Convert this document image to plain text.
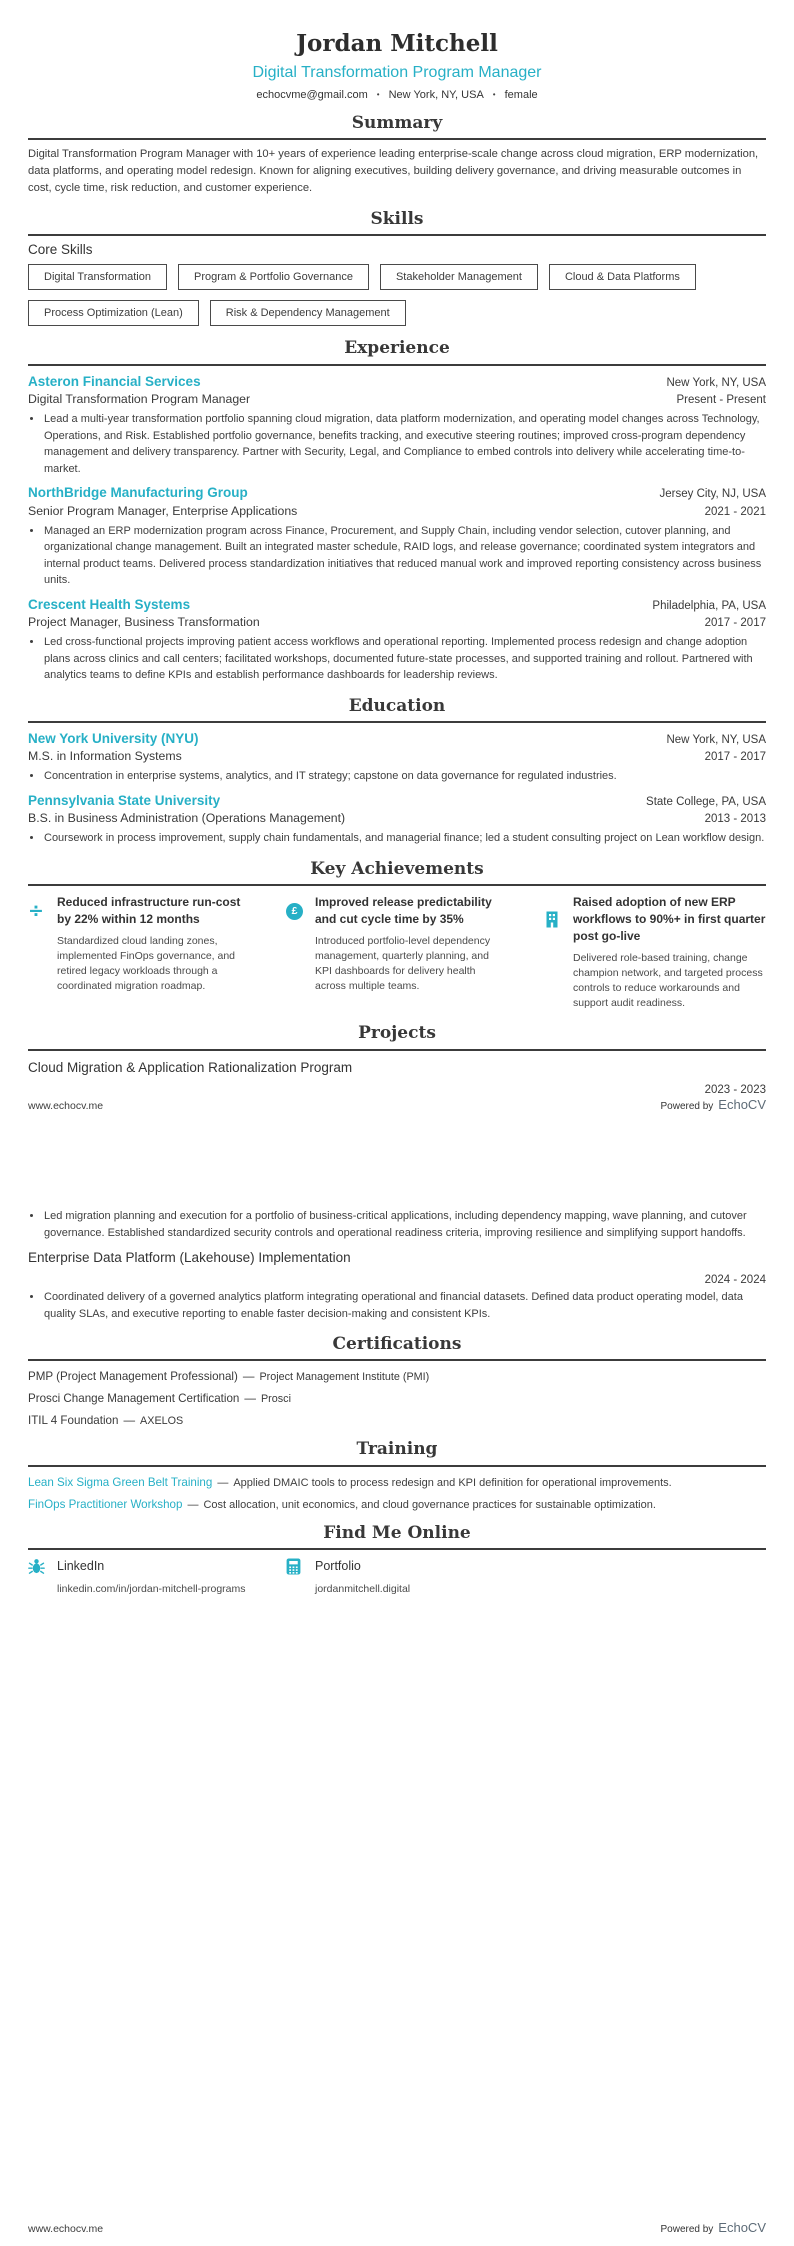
Jordan Mitchell
Digital Transformation Program Manager
echocvme@gmail.com • New York, NY, USA • female
Summary

Digital Transformation Program Manager with 10+ years of experience leading enterprise-scale change across cloud migration, ERP modernization, data platforms, and operating model redesign. Known for aligning executives, building delivery governance, and driving measurable outcomes in cost, cycle time, risk reduction, and customer experience.

Skills
Core Skills
Digital Transformation	Program & Portfolio Governance	Stakeholder Management	Cloud & Data Platforms
Process Optimization (Lean)	Risk & Dependency Management
Experience
Asteron Financial Services	New York, NY, USA
Digital Transformation Program Manager	Present - Present
• Lead a multi-year transformation portfolio spanning cloud migration, data platform modernization, and operating model changes across Technology, Operations, and Risk. Established portfolio governance, benefits tracking, and executive steering routines; improved cross-program dependency management and delivery transparency. Partner with Security, Legal, and Compliance to embed controls into delivery while accelerating time-to-market.
NorthBridge Manufacturing Group	Jersey City, NJ, USA
Senior Program Manager, Enterprise Applications	2021 - 2021
• Managed an ERP modernization program across Finance, Procurement, and Supply Chain, including vendor selection, cutover planning, and organizational change management. Built an integrated master schedule, RAID logs, and release governance; coordinated system integrators and internal product teams. Delivered process standardization initiatives that reduced manual work and improved reporting consistency across business units.
Crescent Health Systems	Philadelphia, PA, USA
Project Manager, Business Transformation	2017 - 2017
• Led cross-functional projects improving patient access workflows and operational reporting. Implemented process redesign and change adoption plans across clinics and call centers; facilitated workshops, documented future-state processes, and supported training and rollout. Partnered with analytics teams to define KPIs and establish performance dashboards for leadership reviews.
Education
New York University (NYU)	New York, NY, USA
M.S. in Information Systems	2017 - 2017
• Concentration in enterprise systems, analytics, and IT strategy; capstone on data governance for regulated industries.
Pennsylvania State University	State College, PA, USA
B.S. in Business Administration (Operations Management)	2013 - 2013
• Coursework in process improvement, supply chain fundamentals, and managerial finance; led a student consulting project on Lean workflow design.
Key Achievements
÷	Reduced infrastructure run-cost by 22% within 12 months
Standardized cloud landing zones, implemented FinOps governance, and retired legacy workloads through a coordinated migration roadmap.
£
Improved release predictability and cut cycle time by 35%
Introduced portfolio-level dependency management, quarterly planning, and KPI dashboards for delivery health across multiple teams.
Raised adoption of new ERP workflows to 90%+ in first quarter post go-live
Delivered role-based training, change champion network, and targeted process controls to reduce workarounds and support audit readiness.
Projects
Cloud Migration & Application Rationalization Program
2023 - 2023
www.echocv.me	Powered by EchoCV
• Led migration planning and execution for a portfolio of business-critical applications, including dependency mapping, wave planning, and cutover governance. Established standardized security controls and operational readiness criteria, improving resilience and simplifying support handoffs.
Enterprise Data Platform (Lakehouse) Implementation
2024 - 2024
• Coordinated delivery of a governed analytics platform integrating operational and financial datasets. Defined data product operating model, data quality SLAs, and executive reporting to enable faster decision-making and consistent KPIs.
Certifications
PMP (Project Management Professional) — Project Management Institute (PMI)
Prosci Change Management Certification — Prosci
ITIL 4 Foundation — AXELOS
Training
Lean Six Sigma Green Belt Training — Applied DMAIC tools to process redesign and KPI definition for operational improvements.
FinOps Practitioner Workshop — Cost allocation, unit economics, and cloud governance practices for sustainable optimization.
Find Me Online
LinkedIn
linkedin.com/in/jordan-mitchell-programs
Portfolio
jordanmitchell.digital
www.echocv.me	Powered by EchoCV
